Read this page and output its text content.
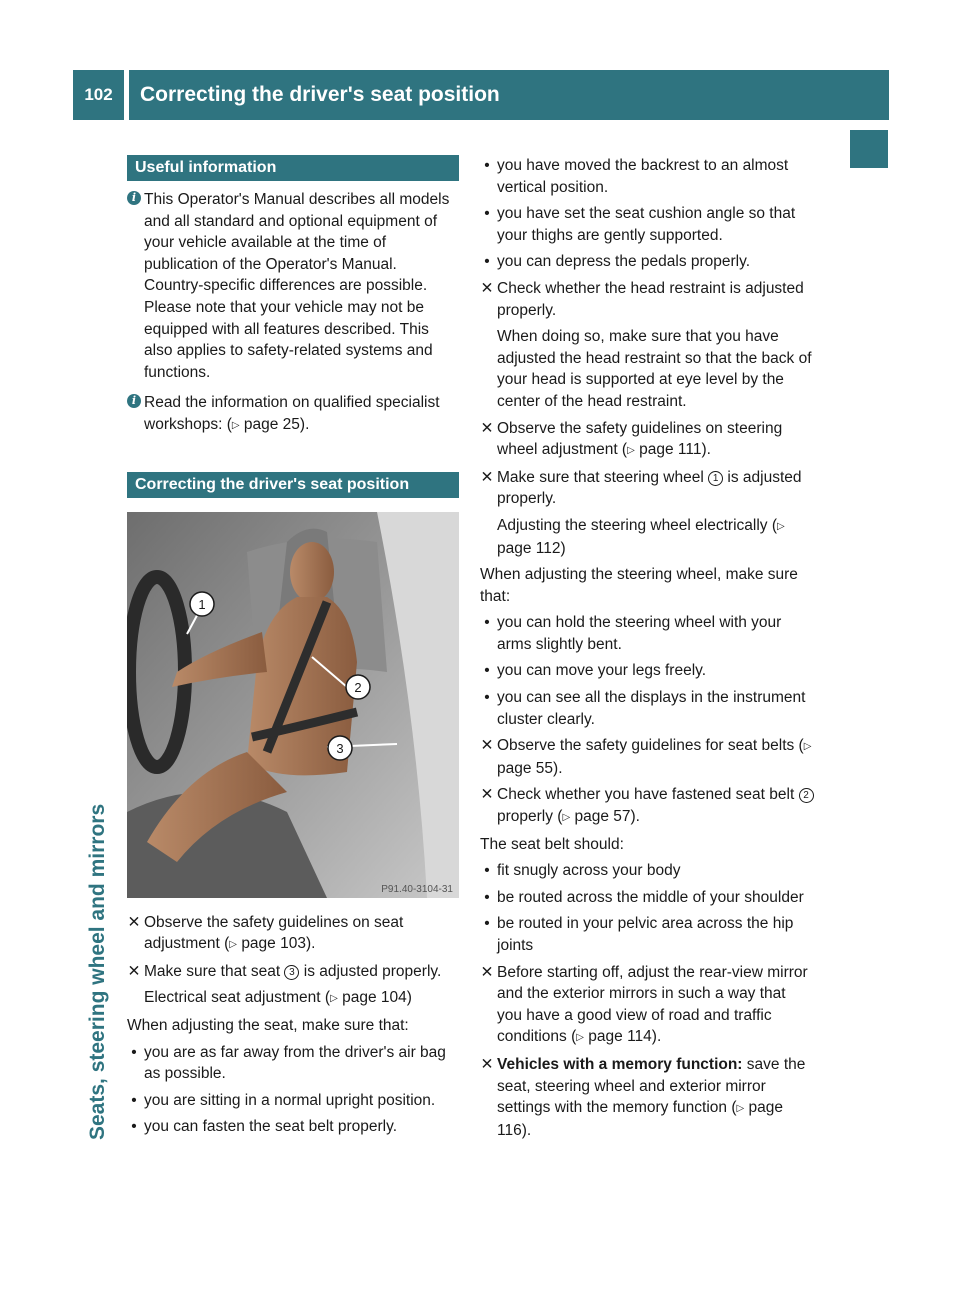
102	Correcting the driver's seat position
Seats, steering wheel and mirrors
Useful information
i This Operator's Manual describes all models and all standard and optional equipment of your vehicle available at the time of publication of the Operator's Manual. Country-specific differences are possible. Please note that your vehicle may not be equipped with all features described. This also applies to safety-related systems and functions.
i Read the information on qualified specialist workshops: (▷ page 25).
Correcting the driver's seat position
1
2
3
P91.40-3104-31
✕ Observe the safety guidelines on seat adjustment (▷ page 103).
✕ Make sure that seat 3 is adjusted properly.
Electrical seat adjustment (▷ page 104)
When adjusting the seat, make sure that:
• you are as far away from the driver's air bag as possible.
• you are sitting in a normal upright position.
• you can fasten the seat belt properly.
• you have moved the backrest to an almost vertical position.
• you have set the seat cushion angle so that your thighs are gently supported.
• you can depress the pedals properly.
✕ Check whether the head restraint is adjusted properly.
When doing so, make sure that you have adjusted the head restraint so that the back of your head is supported at eye level by the center of the head restraint.
✕ Observe the safety guidelines on steering wheel adjustment (▷ page 111).
✕ Make sure that steering wheel 1 is adjusted properly.
Adjusting the steering wheel electrically (▷ page 112)
When adjusting the steering wheel, make sure that:
• you can hold the steering wheel with your arms slightly bent.
• you can move your legs freely.
• you can see all the displays in the instrument cluster clearly.
✕ Observe the safety guidelines for seat belts (▷ page 55).
✕ Check whether you have fastened seat belt 2 properly (▷ page 57).
The seat belt should:
• fit snugly across your body
• be routed across the middle of your shoulder
• be routed in your pelvic area across the hip joints
✕ Before starting off, adjust the rear-view mirror and the exterior mirrors in such a way that you have a good view of road and traffic conditions (▷ page 114).
✕ Vehicles with a memory function: save the seat, steering wheel and exterior mirror settings with the memory function (▷ page 116).
